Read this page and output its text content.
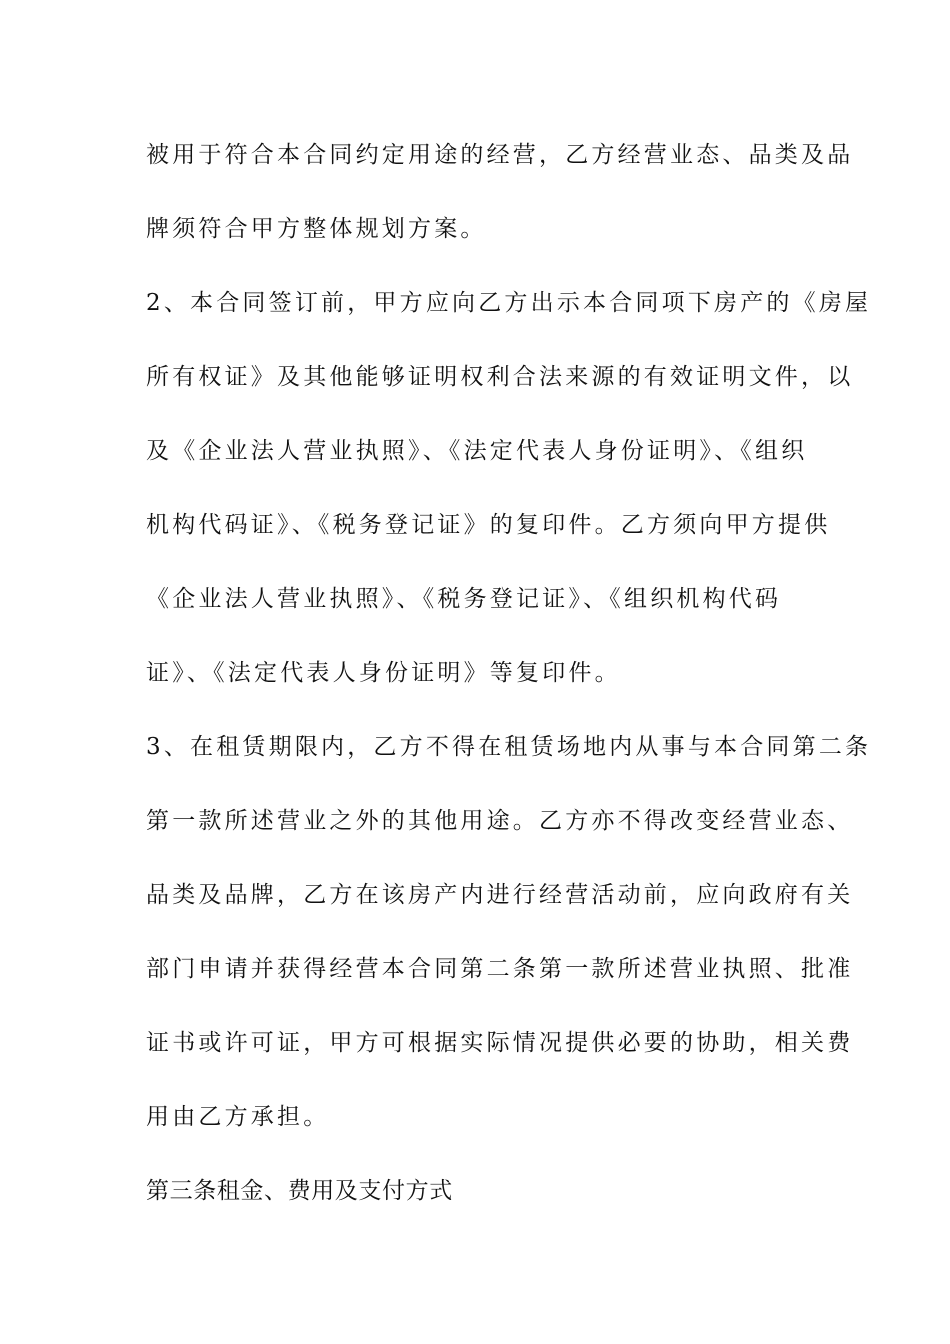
被用于符合本合同约定用途的经营，乙方经营业态、品类及品
牌须符合甲方整体规划方案。
2、本合同签订前，甲方应向乙方出示本合同项下房产的《房屋
所有权证》及其他能够证明权利合法来源的有效证明文件，以
及《企业法人营业执照》、《法定代表人身份证明》、《组织
机构代码证》、《税务登记证》的复印件。乙方须向甲方提供
《企业法人营业执照》、《税务登记证》、《组织机构代码
证》、《法定代表人身份证明》等复印件。
3、在租赁期限内，乙方不得在租赁场地内从事与本合同第二条
第一款所述营业之外的其他用途。乙方亦不得改变经营业态、
品类及品牌，乙方在该房产内进行经营活动前，应向政府有关
部门申请并获得经营本合同第二条第一款所述营业执照、批准
证书或许可证，甲方可根据实际情况提供必要的协助，相关费
用由乙方承担。
第三条租金、费用及支付方式
